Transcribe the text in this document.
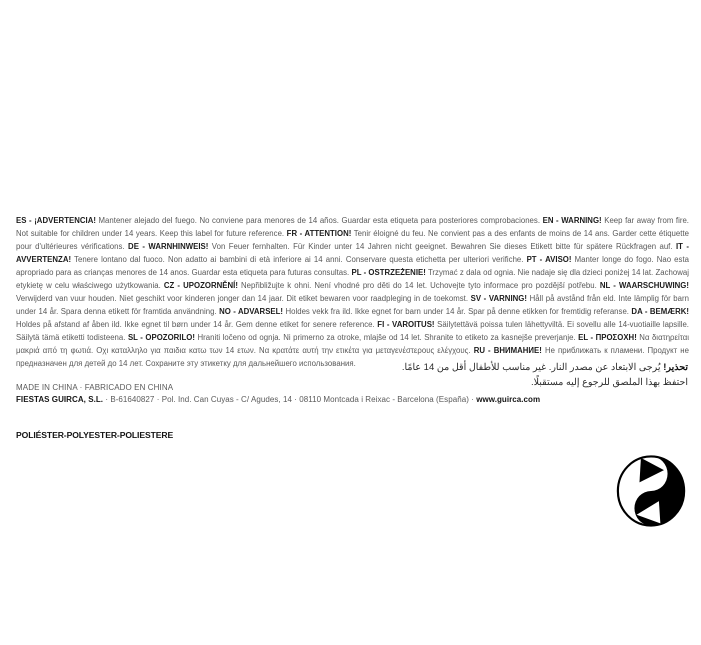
ES - ¡ADVERTENCIA! Mantener alejado del fuego. No conviene para menores de 14 años. Guardar esta etiqueta para posteriores comprobaciones. EN - WARNING! Keep far away from fire. Not suitable for children under 14 years. Keep this label for future reference. FR - ATTENTION! Tenir éloigné du feu. Ne convient pas a des enfants de moins de 14 ans. Garder cette étiquette pour d'ultérieures vérifications. DE - WARNHINWEIS! Von Feuer fernhalten. Für Kinder unter 14 Jahren nicht geeignet. Bewahren Sie dieses Etikett bitte für spätere Rückfragen auf. IT - AVVERTENZA! Tenere lontano dal fuoco. Non adatto ai bambini di età inferiore ai 14 anni. Conservare questa etichetta per ulteriori verifiche. PT - AVISO! Manter longe do fogo. Nao esta apropriado para as crianças menores de 14 anos. Guardar esta etiqueta para futuras consultas. PL - OSTRZEŻENIE! Trzymać z dala od ognia. Nie nadaje się dla dzieci poniżej 14 lat. Zachowaj etykietę w celu właściwego użytkowania. CZ - UPOZORNĚNÍ! Nepřibližujte k ohni. Není vhodné pro děti do 14 let. Uchovejte tyto informace pro pozdější potřebu. NL - WAARSCHUWING! Verwijderd van vuur houden. Niet geschikt voor kinderen jonger dan 14 jaar. Dit etiket bewaren voor raadpleging in de toekomst. SV - VARNING! Håll på avstånd från eld. Inte lämplig för barn under 14 år. Spara denna etikett för framtida användning. NO - ADVARSEL! Holdes vekk fra ild. Ikke egnet for barn under 14 år. Spar på denne etikken for fremtidig referanse. DA - BEMÆRK! Holdes på afstand af åben ild. Ikke egnet til børn under 14 år. Gem denne etiket for senere reference. FI - VAROITUS! Säilytettävä poissa tulen lähettyviltä. Ei sovellu alle 14-vuotiaille lapsille. Säilytä tämä etiketti todisteena. SL - OPOZORILO! Hraniti ločeno od ognja. Ni primerno za otroke, mlajše od 14 let. Shranite to etiketo za kasnejše preverjanje. EL - ΠΡΟΣΟΧΗ! Να διατηρείται μακριά από τη φωτιά. Οχι καταλληλο για παιδια κατω των 14 ετων. Να κρατάτε αυτή την ετικέτα για μεταγενέστερους ελέγχους. RU - ВНИМАНИЕ! Не приближать к пламени. Продукт не предназначен для детей до 14 лет. Сохраните эту этикетку для дальнейшего использования.	تحذير! يُرجى الابتعاد عن مصدر النار. غير مناسب للأطفال أقل من 14 عامًا. احتفظ بهذا الملصق للرجوع إليه مستقبلًا.
MADE IN CHINA · FABRICADO EN CHINA
FIESTAS GUIRCA, S.L. · B-61640827 · Pol. Ind. Can Cuyas - C/ Agudes, 14 · 08110 Montcada i Reixac - Barcelona (España) · www.guirca.com
POLIÉSTER-POLYESTER-POLIESTERE
